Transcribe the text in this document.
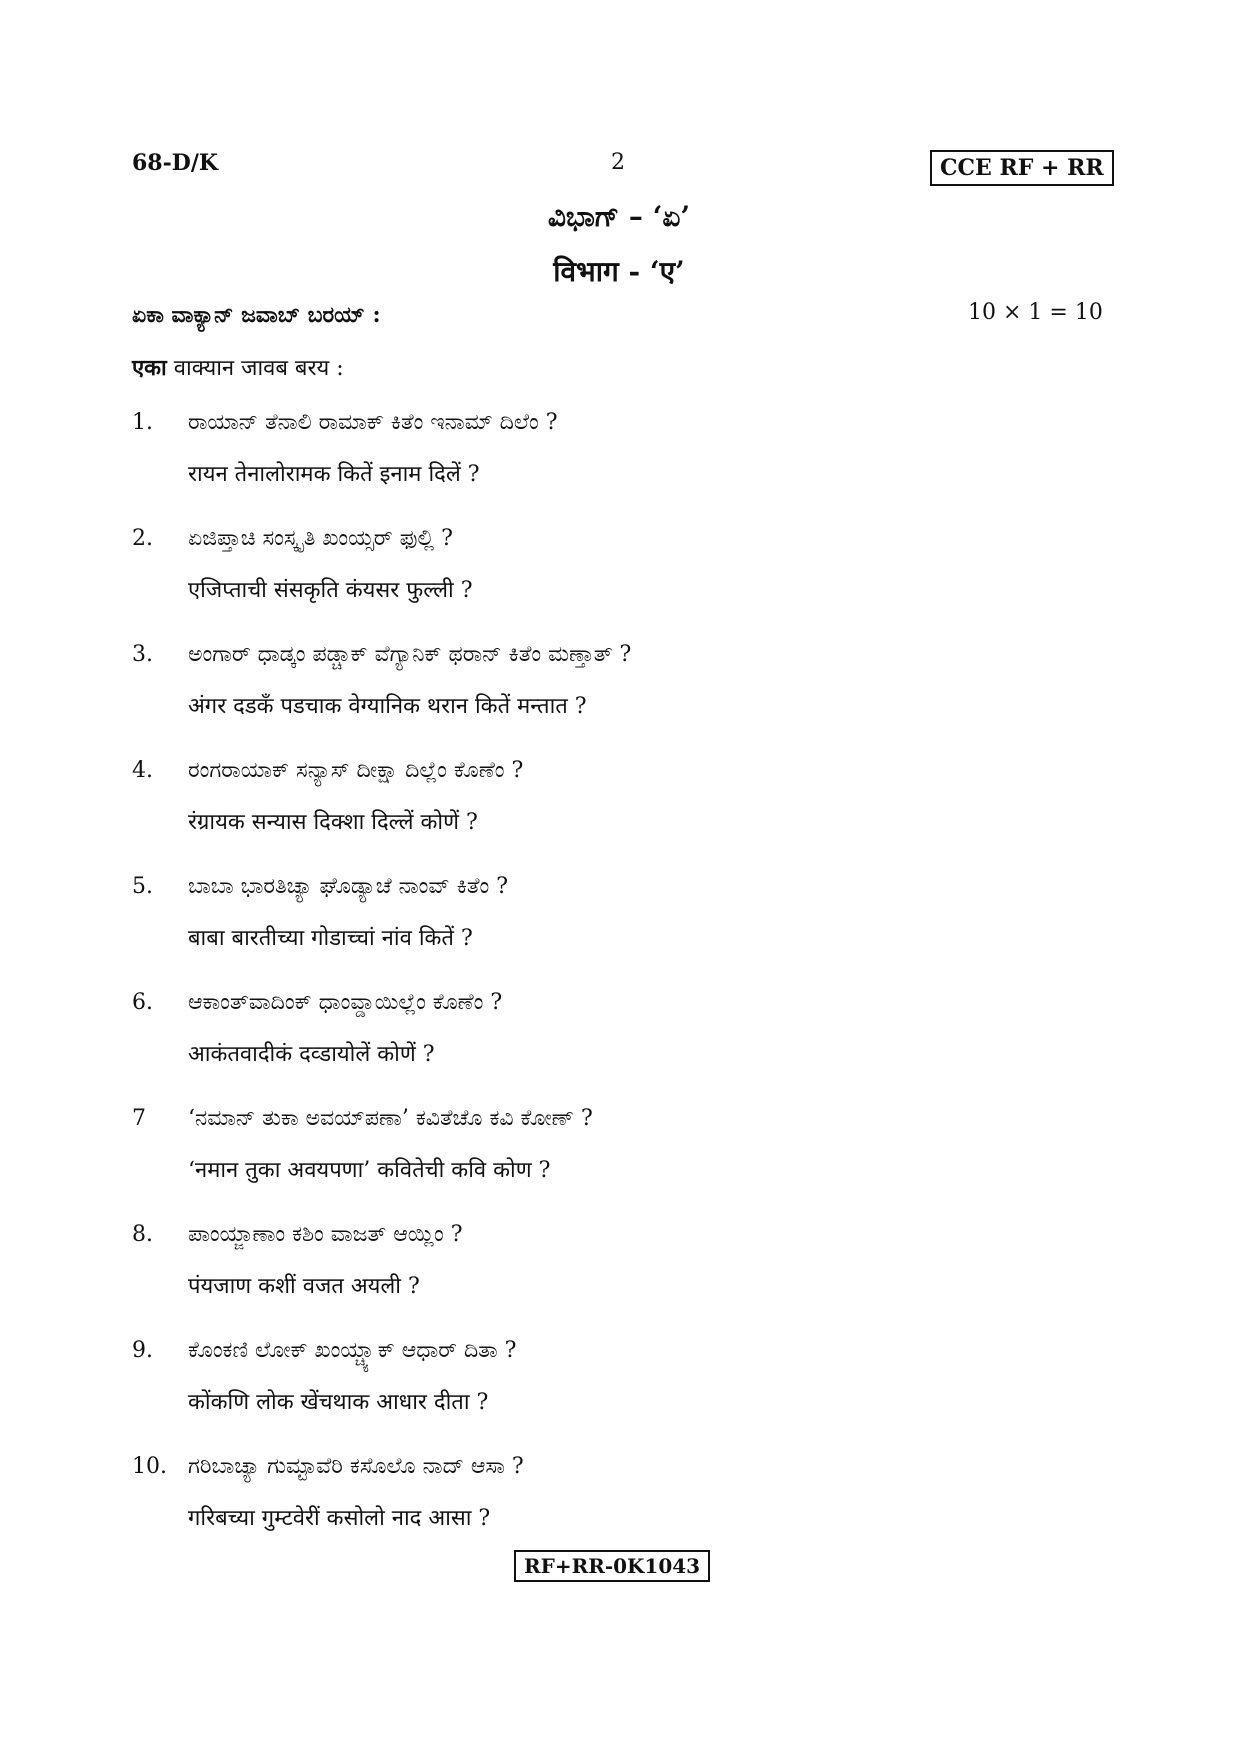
68-D/K	2	CCE RF + RR
ವಿಭಾಗ್ – ‘ಏ’
विभाग - ‘ए’
ಏಕಾ ವಾಕ್ಯಾನ್ ಜವಾಬ್ ಬರಯ್ :	10 × 1 = 10
एका वाक्यान जावब बरय :
1. ರಾಯಾನ್ ತೆನಾಲಿ ರಾಮಾಕ್ ಕಿತೆಂ ಇನಾಮ್ ದಿಲೆಂ ?
रायन तेनालोरामक कितें इनाम दिलें ?
2. ಏಜಿಪ್ತಾಚಿ ಸಂಸ್ಕೃತಿ ಖಂಯ್ಸರ್ ಫುಲ್ಲಿ ?
एजिप्ताची संसकृति कंयसर फुल्ली ?
3. ಅಂಗಾರ್ ಧಾಡ್ಕಂ ಪಡ್ಚಾಕ್ ವೆಗ್ಯಾನಿಕ್ ಥರಾನ್ ಕಿತೆಂ ಮಣ್ತಾತ್ ?
अंगर दडकँ पडचाक वेग्यानिक थरान कितें मन्तात ?
4. ರಂಗರಾಯಾಕ್ ಸನ್ಯಾಸ್ ದೀಕ್ಷಾ ದಿಲ್ಲೆಂ ಕೊಣೆಂ ?
रंग्रायक सन्यास दिक्शा दिल्लें कोणें ?
5. ಬಾಬಾ ಭಾರತಿಚ್ಯಾ ಘೊಡ್ಯಾಚೆ ನಾಂವ್ ಕಿತೆಂ ?
बाबा बारतीच्या गोडाच्चां नांव कितें ?
6. ಆಕಾಂತ್‌ವಾದಿಂಕ್ ಧಾಂವ್ಡಾಯಿಲ್ಲೆಂ ಕೊಣೆಂ ?
आकंतवादीकं दव्डायोलें कोणें ?
7 ‘ನಮಾನ್ ತುಕಾ ಅವಯ್‌ಪಣಾ’ ಕವಿತೆಚೊ ಕವಿ ಕೋಣ್ ?
‘नमान तुका अवयपणा’ कवितेची कवि कोण ?
8. ಪಾಂಯ್ಜಾಣಾಂ ಕಶಿಂ ವಾಜತ್ ಆಯ್ಲಿಂ ?
पंयजाण कशीं वजत अयली ?
9. ಕೊಂಕಣಿ ಲೋಕ್ ಖಂಯ್ಚ್ಯಾಕ್ ಆಧಾರ್ ದಿತಾ ?
कोंकणि लोक खेंचथाक आधार दीता ?
10. ಗರಿಬಾಚ್ಯಾ ಗುಮ್ಟಾವೆರಿ ಕಸೊಲೊ ನಾದ್ ಆಸಾ ?
गरिबच्या गुम्टवेरीं कसोलो नाद आसा ?
RF+RR-0K1043
